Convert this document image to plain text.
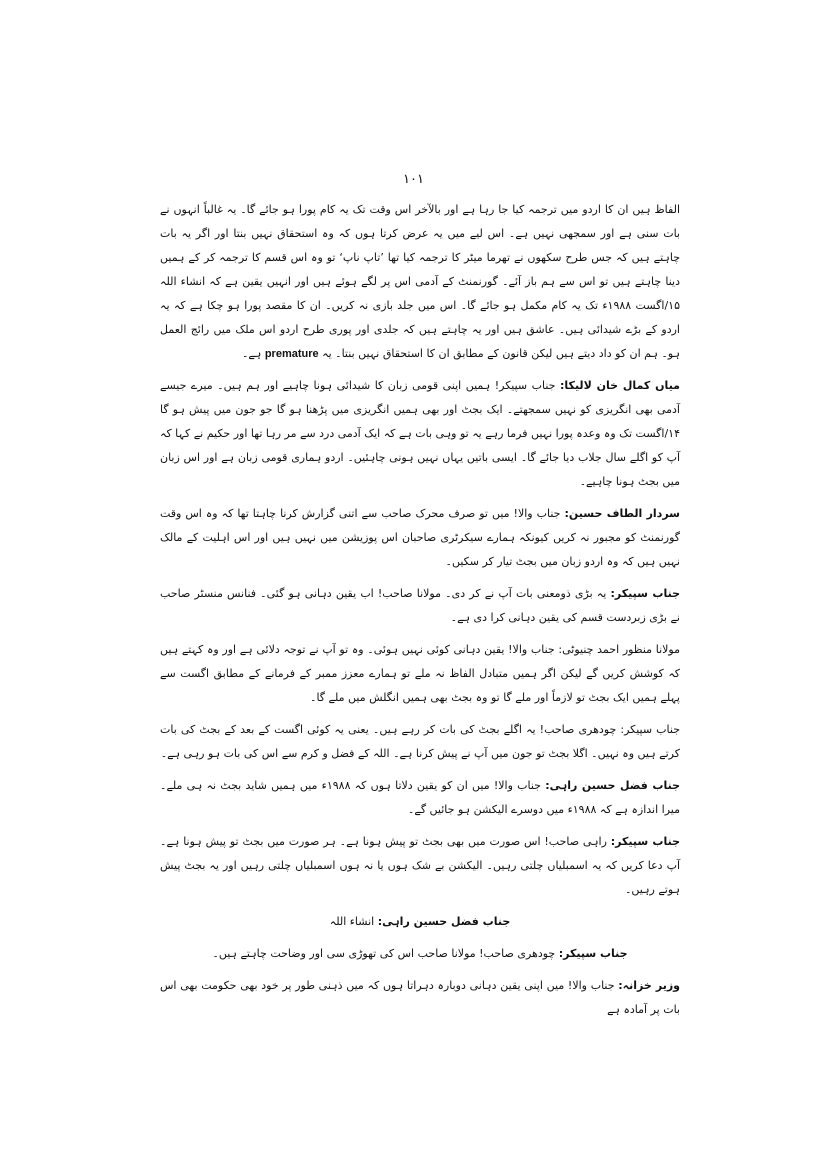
۱۰۱

الفاظ ہیں ان کا اردو میں ترجمہ کیا جا رہا ہے اور بالآخر اس وقت تک یہ کام پورا ہو جائے گا۔ یہ غالباً انہوں نے بات سنی ہے اور سمجھی نہیں ہے۔ اس لیے میں یہ عرض کرتا ہوں کہ وہ استحقاق نہیں بنتا اور اگر یہ بات چاہتے ہیں کہ جس طرح سکھوں نے تھرما میٹر کا ترجمہ کیا تھا ’تاپ ناپ‘ تو وہ اس قسم کا ترجمہ کر کے ہمیں دینا چاہتے ہیں تو اس سے ہم باز آئے۔ گورنمنٹ کے آدمی اس پر لگے ہوئے ہیں اور انہیں یقین ہے کہ انشاء اللہ ۱۵/اگست ۱۹۸۸ء تک یہ کام مکمل ہو جائے گا۔ اس میں جلد بازی نہ کریں۔ ان کا مقصد پورا ہو چکا ہے کہ یہ اردو کے بڑے شیدائی ہیں۔ عاشق ہیں اور یہ چاہتے ہیں کہ جلدی اور پوری طرح اردو اس ملک میں رائج العمل ہو۔ ہم ان کو داد دیتے ہیں لیکن قانون کے مطابق ان کا استحقاق نہیں بنتا۔ یہ premature ہے۔

میاں کمال خان لالیکا: جناب سپیکر! ہمیں اپنی قومی زبان کا شیدائی ہونا چاہیے اور ہم ہیں۔ میرے جیسے آدمی بھی انگریزی کو نہیں سمجھتے۔ ایک بجٹ اور بھی ہمیں انگریزی میں پڑھنا ہو گا جو جون میں پیش ہو گا ۱۴/اگست تک وہ وعدہ پورا نہیں فرما رہے یہ تو وہی بات ہے کہ ایک آدمی درد سے مر رہا تھا اور حکیم نے کہا کہ آپ کو اگلے سال جلاب دیا جائے گا۔ ایسی باتیں یہاں نہیں ہونی چاہئیں۔ اردو ہماری قومی زبان ہے اور اس زبان میں بجٹ ہونا چاہیے۔

سردار الطاف حسین: جناب والا! میں تو صرف محرک صاحب سے اتنی گزارش کرنا چاہتا تھا کہ وہ اس وقت گورنمنٹ کو مجبور نہ کریں کیونکہ ہمارے سیکرٹری صاحبان اس پوزیشن میں نہیں ہیں اور اس اہلیت کے مالک نہیں ہیں کہ وہ اردو زبان میں بجٹ تیار کر سکیں۔

جناب سپیکر: یہ بڑی ذومعنی بات آپ نے کر دی۔ مولانا صاحب! اب یقین دہانی ہو گئی۔ فنانس منسٹر صاحب نے بڑی زبردست قسم کی یقین دہانی کرا دی ہے۔

مولانا منظور احمد چنیوٹی: جناب والا! یقین دہانی کوئی نہیں ہوئی۔ وہ تو آپ نے توجہ دلائی ہے اور وہ کہتے ہیں کہ کوشش کریں گے لیکن اگر ہمیں متبادل الفاظ نہ ملے تو ہمارے معزز ممبر کے فرمانے کے مطابق اگست سے پہلے ہمیں ایک بجٹ تو لازماً اور ملے گا تو وہ بجٹ بھی ہمیں انگلش میں ملے گا۔

جناب سپیکر: چودھری صاحب! یہ اگلے بجٹ کی بات کر رہے ہیں۔ یعنی یہ کوئی اگست کے بعد کے بجٹ کی بات کرتے ہیں وہ نہیں۔ اگلا بجٹ تو جون میں آپ نے پیش کرنا ہے۔ اللہ کے فضل و کرم سے اس کی بات ہو رہی ہے۔

جناب فضل حسین راہی: جناب والا! میں ان کو یقین دلاتا ہوں کہ ۱۹۸۸ء میں ہمیں شاید بجٹ نہ ہی ملے۔ میرا اندازہ ہے کہ ۱۹۸۸ء میں دوسرے الیکشن ہو جائیں گے۔

جناب سپیکر: راہی صاحب! اس صورت میں بھی بجٹ تو پیش ہونا ہے۔ ہر صورت میں بجٹ تو پیش ہونا ہے۔ آپ دعا کریں کہ یہ اسمبلیاں چلتی رہیں۔ الیکشن بے شک ہوں یا نہ ہوں اسمبلیاں چلتی رہیں اور یہ بجٹ پیش ہوتے رہیں۔

جناب فضل حسین راہی: انشاء اللہ

جناب سپیکر: چودھری صاحب! مولانا صاحب اس کی تھوڑی سی اور وضاحت چاہتے ہیں۔

وزیر خزانہ: جناب والا! میں اپنی یقین دہانی دوبارہ دہراتا ہوں کہ میں ذہنی طور پر خود بھی حکومت بھی اس بات پر آمادہ ہے
